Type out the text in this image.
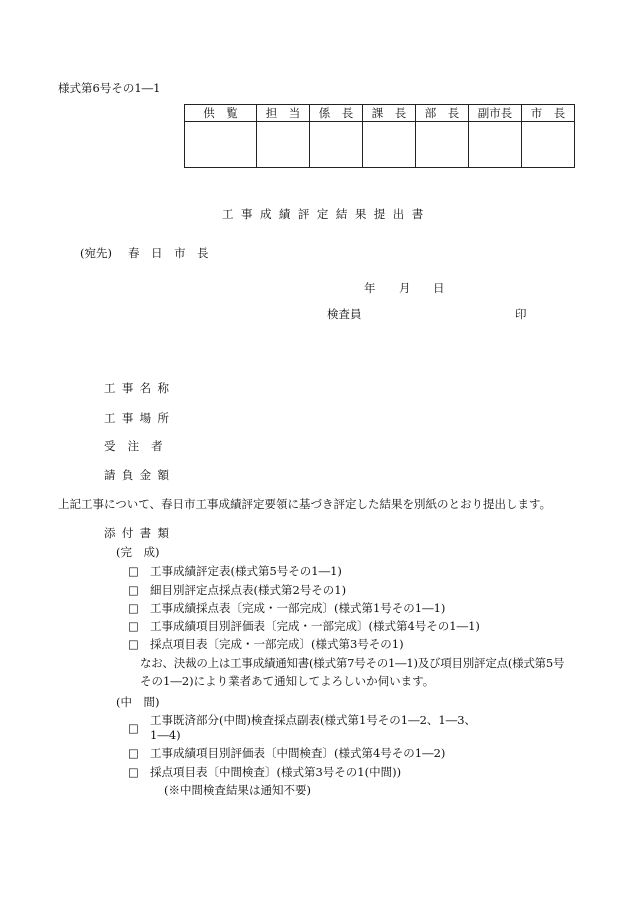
様式第6号その1―1
供　覧	担　当	係　長	課　長	部　長	副市長	市　長

工事成績評定結果提出書
(宛先) 春　日　市　長
年 月 日
検査員	印
工事名称
工事場所
受注者
請負金額
上記工事について、春日市工事成績評定要領に基づき評定した結果を別紙のとおり提出します。
添付書類
(完　成)
□ 工事成績評定表(様式第5号その1―1)
□ 細目別評定点採点表(様式第2号その1)
□ 工事成績採点表〔完成・一部完成〕(様式第1号その1―1)
□ 工事成績項目別評価表〔完成・一部完成〕(様式第4号その1―1)
□ 採点項目表〔完成・一部完成〕(様式第3号その1)
なお、決裁の上は工事成績通知書(様式第7号その1―1)及び項目別評定点(様式第5号
その1―2)により業者あて通知してよろしいか伺います。
(中　間)
□工事既済部分(中間)検査採点副表(様式第1号その1―2、1―3、
1―4)
□ 工事成績項目別評価表〔中間検査〕(様式第4号その1―2)
□ 採点項目表〔中間検査〕(様式第3号その1(中間))
(※中間検査結果は通知不要)
